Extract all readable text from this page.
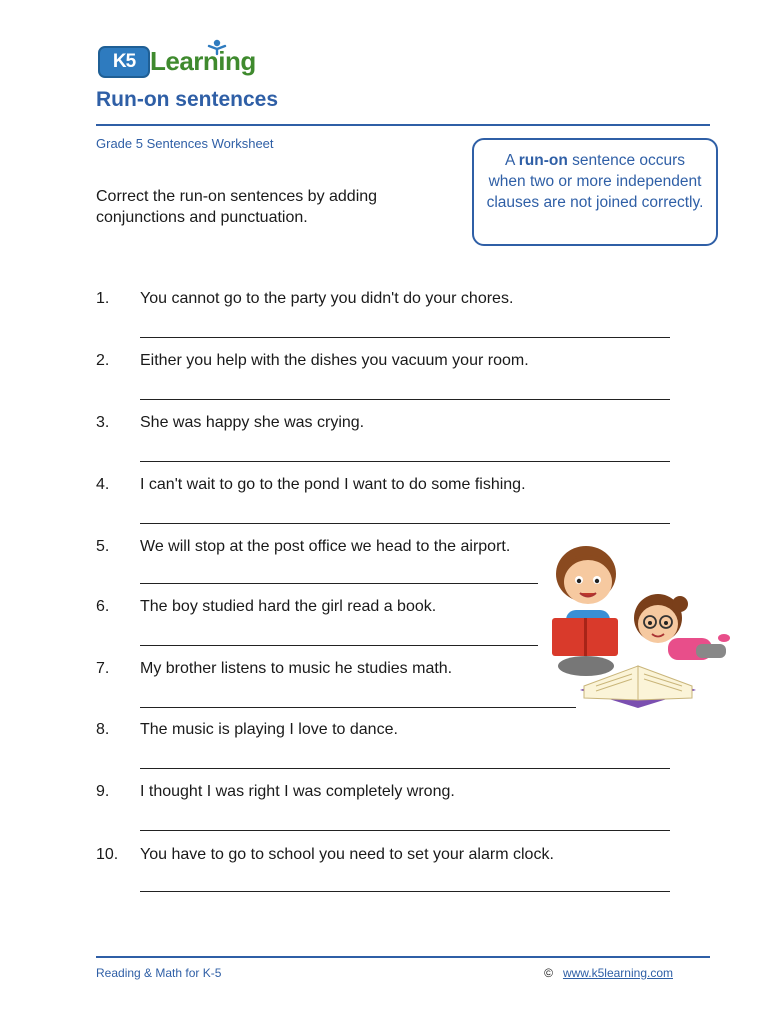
K5 Learning
Run-on sentences
Grade 5 Sentences Worksheet
Correct the run-on sentences by adding conjunctions and punctuation.
A run-on sentence occurs when two or more independent clauses are not joined correctly.
1.	You cannot go to the party you didn't do your chores.
2.	Either you help with the dishes you vacuum your room.
3.	She was happy she was crying.
4.	I can't wait to go to the pond I want to do some fishing.
5.	We will stop at the post office we head to the airport.
6.	The boy studied hard the girl read a book.
7.	My brother listens to music he studies math.
8.	The music is playing I love to dance.
9.	I thought I was right I was completely wrong.
10.	You have to go to school you need to set your alarm clock.
Reading & Math for K-5	© www.k5learning.com
